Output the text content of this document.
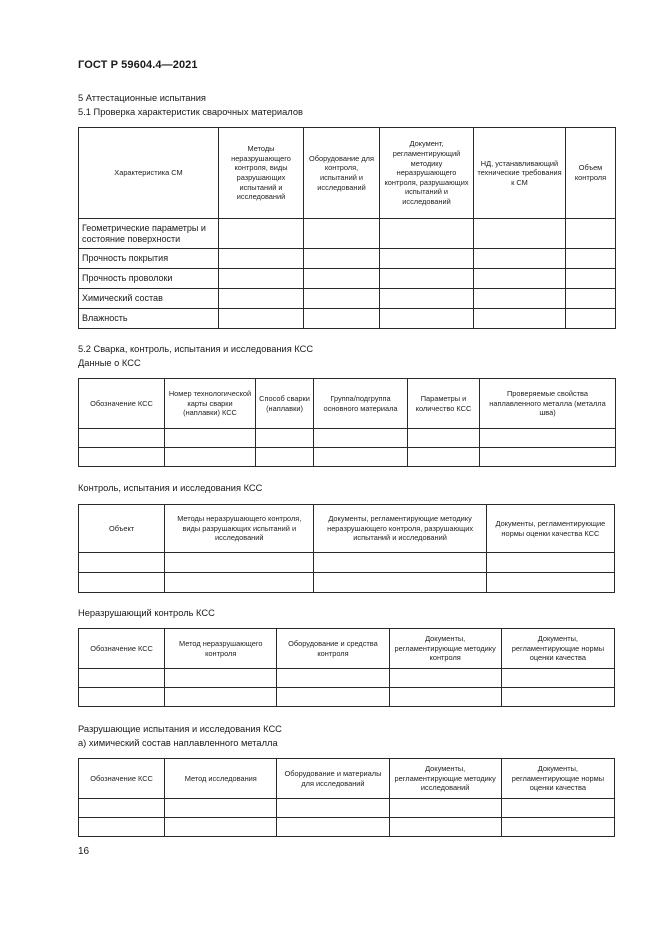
ГОСТ Р 59604.4—2021
5 Аттестационные испытания
5.1 Проверка характеристик сварочных материалов
Характеристика СМ	Методы неразрушающего контроля, виды разрушающих испытаний и исследований	Оборудование для контроля, испытаний и исследований	Документ, регламентирующий методику неразрушающего контроля, разрушающих испытаний и исследований	НД, устанавливающий технические требования к СМ	Объем контроля
Геометрические параметры и состояние поверхности					
Прочность покрытия					
Прочность проволоки					
Химический состав					
Влажность					
5.2 Сварка, контроль, испытания и исследования КСС
Данные о КСС
Обозначение КСС	Номер технологической карты сварки (наплавки) КСС	Способ сварки (наплавки)	Группа/подгруппа основного материала	Параметры и количество КСС	Проверяемые свойства наплавленного металла (металла шва)

Контроль, испытания и исследования КСС
Объект	Методы неразрушающего контроля, виды разрушающих испытаний и исследований	Документы, регламентирующие методику неразрушающего контроля, разрушающих испытаний и исследований	Документы, регламентирующие нормы оценки качества КСС

Неразрушающий контроль КСС
Обозначение КСС	Метод неразрушающего контроля	Оборудование и средства контроля	Документы, регламентирующие методику контроля	Документы, регламентирующие нормы оценки качества

Разрушающие испытания и исследования КСС
а) химический состав наплавленного металла
Обозначение КСС	Метод исследования	Оборудование и материалы для исследований	Документы, регламентирующие методику исследований	Документы, регламентирующие нормы оценки качества

16
